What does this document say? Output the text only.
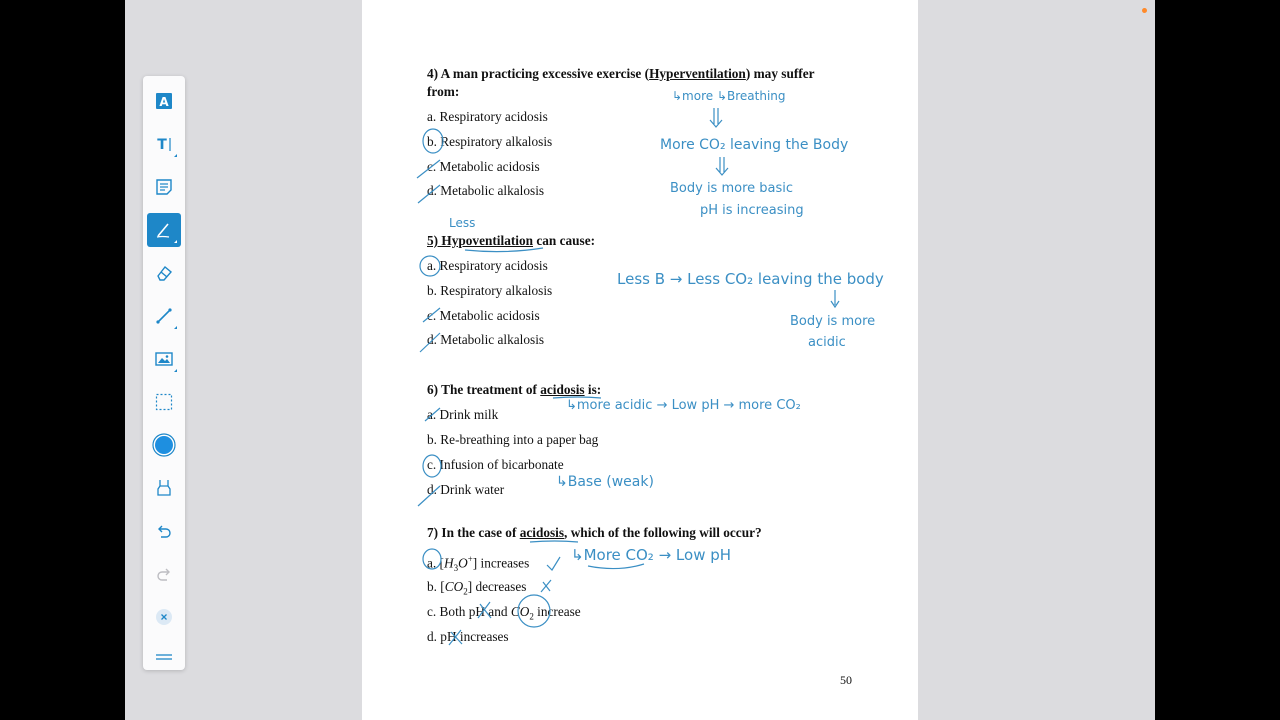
A
T
4) A man practicing excessive exercise (Hyperventilation) may suffer
from:
a. Respiratory acidosis
b. Respiratory alkalosis
c. Metabolic acidosis
d. Metabolic alkalosis
5) Hypoventilation can cause:
a. Respiratory acidosis
b. Respiratory alkalosis
c. Metabolic acidosis
d. Metabolic alkalosis
6) The treatment of acidosis is:
a. Drink milk
b. Re-breathing into a paper bag
c. Infusion of bicarbonate
d. Drink water
7) In the case of acidosis, which of the following will occur?
a. $[H_3O^+]$ increases
b. $[CO_2]$ decreases
c. Both pH and $CO_2$ increase
d. pH increases
50
↳more ↳Breathing
More CO₂ leaving the Body
Body is more basic
pH is increasing
Less
Less B → Less CO₂ leaving the body
Body is more
acidic
↳more acidic → Low pH → more CO₂
↳Base (weak)
↳More CO₂ → Low pH
